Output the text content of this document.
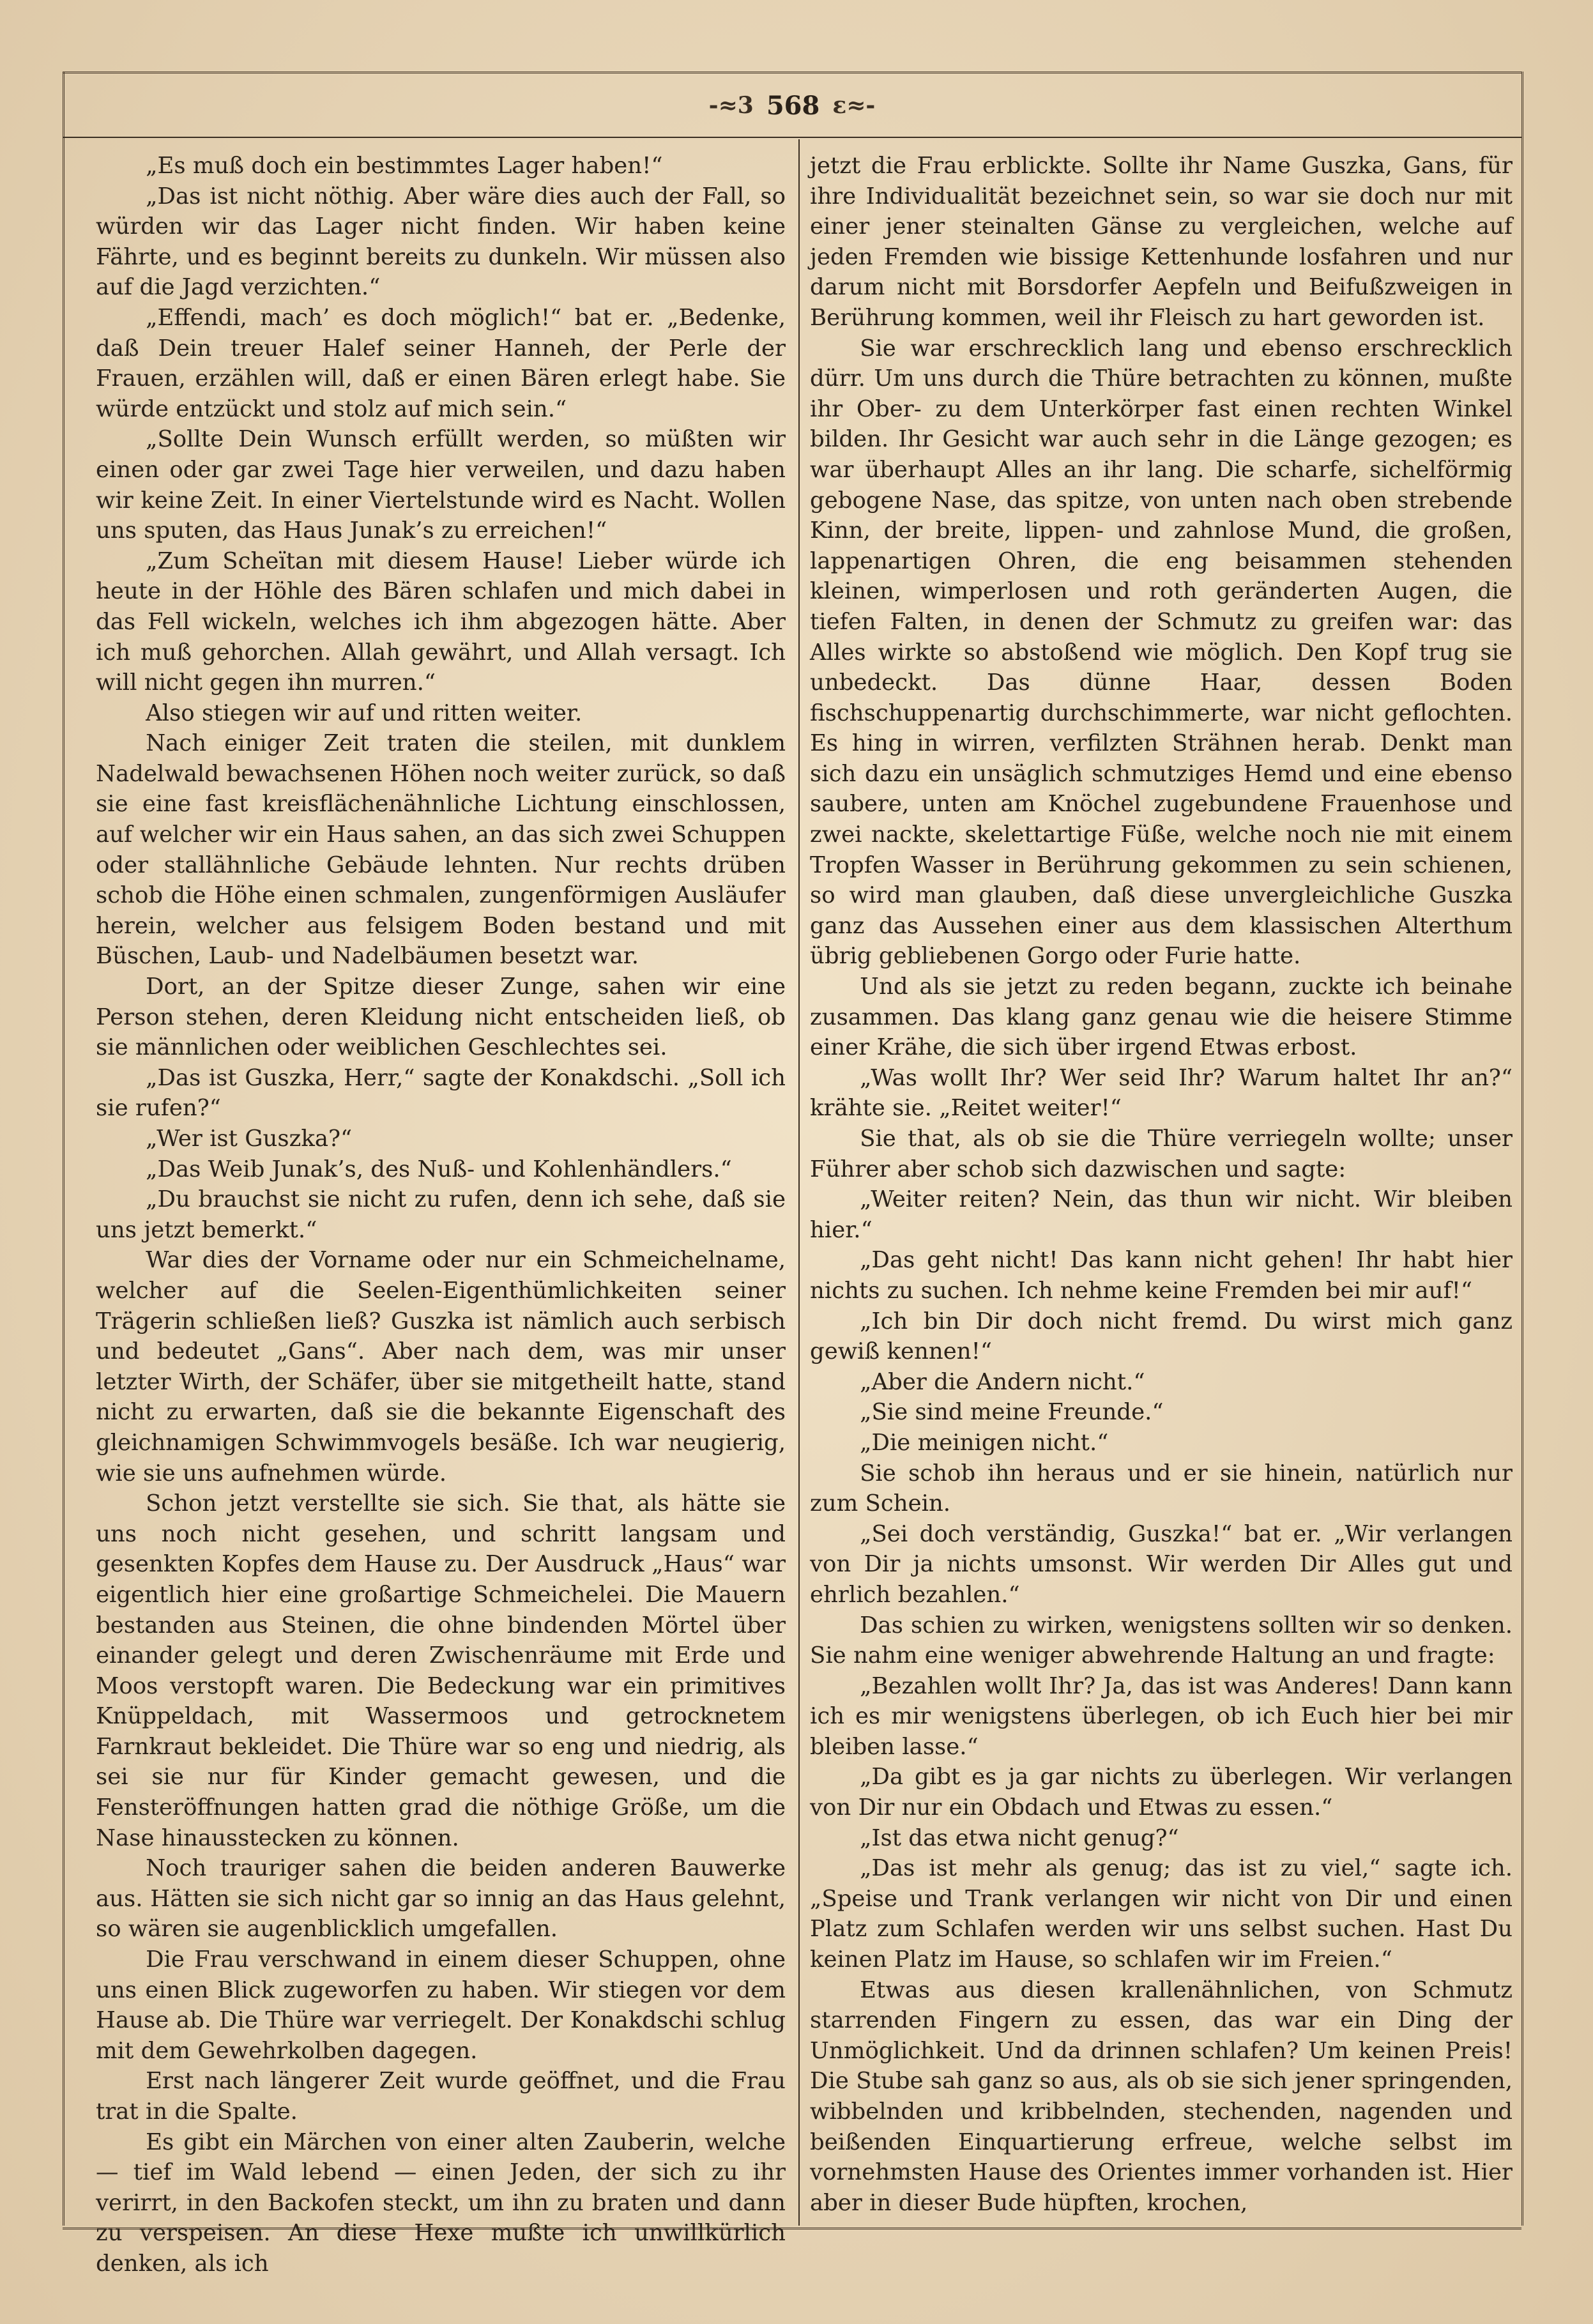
-≈3 568 ε≈-

„Es muß doch ein bestimmtes Lager haben!“

„Das ist nicht nöthig. Aber wäre dies auch der Fall, so würden wir das Lager nicht finden. Wir haben keine Fährte, und es beginnt bereits zu dunkeln. Wir müssen also auf die Jagd verzichten.“

„Effendi, mach’ es doch möglich!“ bat er. „Bedenke, daß Dein treuer Halef seiner Hanneh, der Perle der Frauen, erzählen will, daß er einen Bären erlegt habe. Sie würde entzückt und stolz auf mich sein.“

„Sollte Dein Wunsch erfüllt werden, so müßten wir einen oder gar zwei Tage hier verweilen, und dazu haben wir keine Zeit. In einer Viertelstunde wird es Nacht. Wollen uns sputen, das Haus Junak’s zu erreichen!“

„Zum Scheïtan mit diesem Hause! Lieber würde ich heute in der Höhle des Bären schlafen und mich dabei in das Fell wickeln, welches ich ihm abgezogen hätte. Aber ich muß gehorchen. Allah gewährt, und Allah versagt. Ich will nicht gegen ihn murren.“

Also stiegen wir auf und ritten weiter.

Nach einiger Zeit traten die steilen, mit dunklem Nadelwald bewachsenen Höhen noch weiter zurück, so daß sie eine fast kreisflächenähnliche Lichtung einschlossen, auf welcher wir ein Haus sahen, an das sich zwei Schuppen oder stallähnliche Gebäude lehnten. Nur rechts drüben schob die Höhe einen schmalen, zungenförmigen Ausläufer herein, welcher aus felsigem Boden bestand und mit Büschen, Laub- und Nadelbäumen besetzt war.

Dort, an der Spitze dieser Zunge, sahen wir eine Person stehen, deren Kleidung nicht entscheiden ließ, ob sie männlichen oder weiblichen Geschlechtes sei.

„Das ist Guszka, Herr,“ sagte der Konakdschi. „Soll ich sie rufen?“

„Wer ist Guszka?“

„Das Weib Junak’s, des Nuß- und Kohlenhändlers.“

„Du brauchst sie nicht zu rufen, denn ich sehe, daß sie uns jetzt bemerkt.“

War dies der Vorname oder nur ein Schmeichelname, welcher auf die Seelen-Eigenthümlichkeiten seiner Trägerin schließen ließ? Guszka ist nämlich auch serbisch und bedeutet „Gans“. Aber nach dem, was mir unser letzter Wirth, der Schäfer, über sie mitgetheilt hatte, stand nicht zu erwarten, daß sie die bekannte Eigenschaft des gleichnamigen Schwimmvogels besäße. Ich war neugierig, wie sie uns aufnehmen würde.

Schon jetzt verstellte sie sich. Sie that, als hätte sie uns noch nicht gesehen, und schritt langsam und gesenkten Kopfes dem Hause zu. Der Ausdruck „Haus“ war eigentlich hier eine großartige Schmeichelei. Die Mauern bestanden aus Steinen, die ohne bindenden Mörtel über einander gelegt und deren Zwischenräume mit Erde und Moos verstopft waren. Die Bedeckung war ein primitives Knüppeldach, mit Wassermoos und getrocknetem Farnkraut bekleidet. Die Thüre war so eng und niedrig, als sei sie nur für Kinder gemacht gewesen, und die Fensteröffnungen hatten grad die nöthige Größe, um die Nase hinausstecken zu können.

Noch trauriger sahen die beiden anderen Bauwerke aus. Hätten sie sich nicht gar so innig an das Haus gelehnt, so wären sie augenblicklich umgefallen.

Die Frau verschwand in einem dieser Schuppen, ohne uns einen Blick zugeworfen zu haben. Wir stiegen vor dem Hause ab. Die Thüre war verriegelt. Der Konakdschi schlug mit dem Gewehrkolben dagegen.

Erst nach längerer Zeit wurde geöffnet, und die Frau trat in die Spalte.

Es gibt ein Märchen von einer alten Zauberin, welche — tief im Wald lebend — einen Jeden, der sich zu ihr verirrt, in den Backofen steckt, um ihn zu braten und dann zu verspeisen. An diese Hexe mußte ich unwillkürlich denken, als ich

jetzt die Frau erblickte. Sollte ihr Name Guszka, Gans, für ihre Individualität bezeichnet sein, so war sie doch nur mit einer jener steinalten Gänse zu vergleichen, welche auf jeden Fremden wie bissige Kettenhunde losfahren und nur darum nicht mit Borsdorfer Aepfeln und Beifußzweigen in Berührung kommen, weil ihr Fleisch zu hart geworden ist.

Sie war erschrecklich lang und ebenso erschrecklich dürr. Um uns durch die Thüre betrachten zu können, mußte ihr Ober- zu dem Unterkörper fast einen rechten Winkel bilden. Ihr Gesicht war auch sehr in die Länge gezogen; es war überhaupt Alles an ihr lang. Die scharfe, sichelförmig gebogene Nase, das spitze, von unten nach oben strebende Kinn, der breite, lippen- und zahnlose Mund, die großen, lappenartigen Ohren, die eng beisammen stehenden kleinen, wimperlosen und roth geränderten Augen, die tiefen Falten, in denen der Schmutz zu greifen war: das Alles wirkte so abstoßend wie möglich. Den Kopf trug sie unbedeckt. Das dünne Haar, dessen Boden fischschuppenartig durchschimmerte, war nicht geflochten. Es hing in wirren, verfilzten Strähnen herab. Denkt man sich dazu ein unsäglich schmutziges Hemd und eine ebenso saubere, unten am Knöchel zugebundene Frauenhose und zwei nackte, skelettartige Füße, welche noch nie mit einem Tropfen Wasser in Berührung gekommen zu sein schienen, so wird man glauben, daß diese unvergleichliche Guszka ganz das Aussehen einer aus dem klassischen Alterthum übrig gebliebenen Gorgo oder Furie hatte.

Und als sie jetzt zu reden begann, zuckte ich beinahe zusammen. Das klang ganz genau wie die heisere Stimme einer Krähe, die sich über irgend Etwas erbost.

„Was wollt Ihr? Wer seid Ihr? Warum haltet Ihr an?“ krähte sie. „Reitet weiter!“

Sie that, als ob sie die Thüre verriegeln wollte; unser Führer aber schob sich dazwischen und sagte:

„Weiter reiten? Nein, das thun wir nicht. Wir bleiben hier.“

„Das geht nicht! Das kann nicht gehen! Ihr habt hier nichts zu suchen. Ich nehme keine Fremden bei mir auf!“

„Ich bin Dir doch nicht fremd. Du wirst mich ganz gewiß kennen!“

„Aber die Andern nicht.“

„Sie sind meine Freunde.“

„Die meinigen nicht.“

Sie schob ihn heraus und er sie hinein, natürlich nur zum Schein.

„Sei doch verständig, Guszka!“ bat er. „Wir verlangen von Dir ja nichts umsonst. Wir werden Dir Alles gut und ehrlich bezahlen.“

Das schien zu wirken, wenigstens sollten wir so denken. Sie nahm eine weniger abwehrende Haltung an und fragte:

„Bezahlen wollt Ihr? Ja, das ist was Anderes! Dann kann ich es mir wenigstens überlegen, ob ich Euch hier bei mir bleiben lasse.“

„Da gibt es ja gar nichts zu überlegen. Wir verlangen von Dir nur ein Obdach und Etwas zu essen.“

„Ist das etwa nicht genug?“

„Das ist mehr als genug; das ist zu viel,“ sagte ich. „Speise und Trank verlangen wir nicht von Dir und einen Platz zum Schlafen werden wir uns selbst suchen. Hast Du keinen Platz im Hause, so schlafen wir im Freien.“

Etwas aus diesen krallenähnlichen, von Schmutz starrenden Fingern zu essen, das war ein Ding der Unmöglichkeit. Und da drinnen schlafen? Um keinen Preis! Die Stube sah ganz so aus, als ob sie sich jener springenden, wibbelnden und kribbelnden, stechenden, nagenden und beißenden Einquartierung erfreue, welche selbst im vornehmsten Hause des Orientes immer vorhanden ist. Hier aber in dieser Bude hüpften, krochen,
